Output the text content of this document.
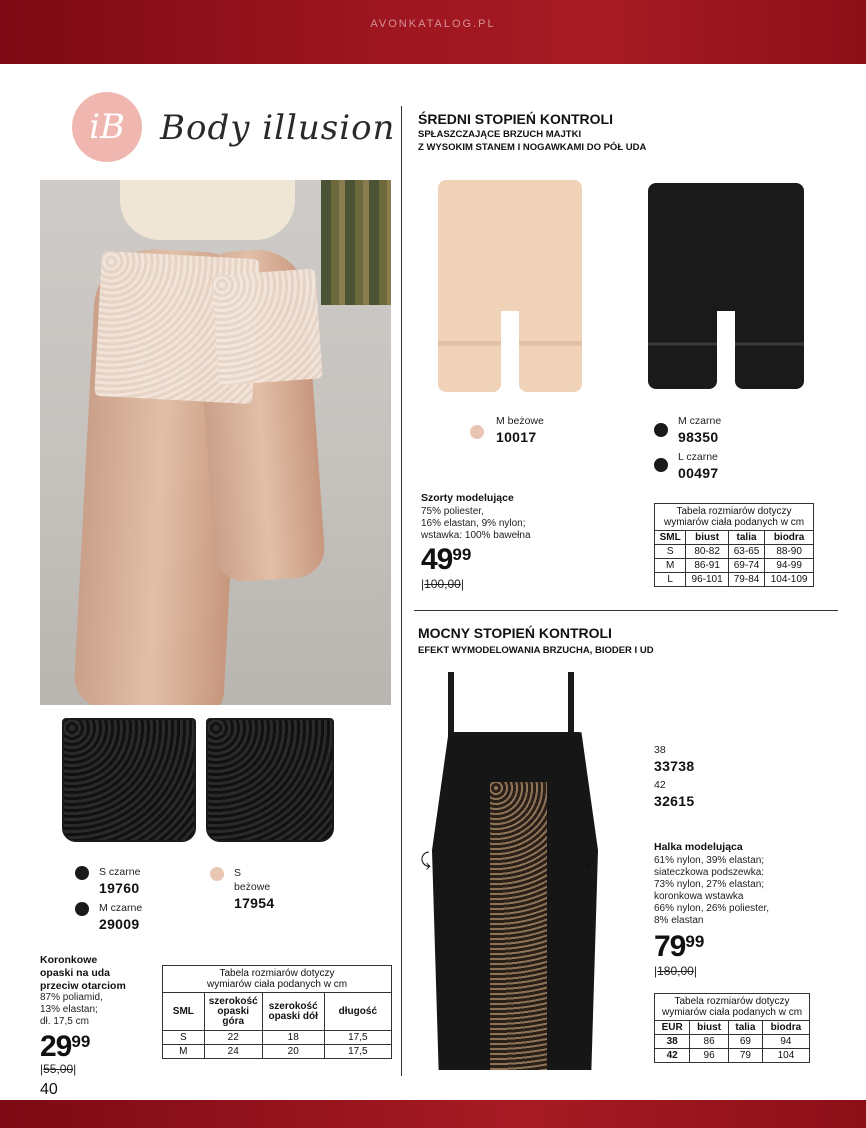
AVONKATALOG.PL
iB Body illusion
S czarne
19760
M czarne
29009
S
beżowe
17954
Koronkowe
opaski na uda
przeciw otarciom
87% poliamid,
13% elastan;
dł. 17,5 cm
2999
|55,00|
Tabela rozmiarów dotyczy
wymiarów ciała podanych w cm			

SML	szerokość opaski góra	szerokość opaski dół	długość
S	22	18	17,5
M	24	20	17,5
40
ŚREDNI STOPIEŃ KONTROLI
SPŁASZCZAJĄCE BRZUCH MAJTKI
Z WYSOKIM STANEM I NOGAWKAMI DO PÓŁ UDA
M beżowe
10017
M czarne
98350
L czarne
00497
Szorty modelujące
75% poliester,
16% elastan, 9% nylon;
wstawka: 100% bawełna
4999
|100,00|
Tabela rozmiarów dotyczy
wymiarów ciała podanych w cm			

SML	biust	talia	biodra
S	80-82	63-65	88-90
M	86-91	69-74	94-99
L	96-101	79-84	104-109
MOCNY STOPIEŃ KONTROLI
EFEKT WYMODELOWANIA BRZUCHA, BIODER I UD
⤹	⤸
38
33738
42
32615
Halka modelująca
61% nylon, 39% elastan;
siateczkowa podszewka:
73% nylon, 27% elastan;
koronkowa wstawka
66% nylon, 26% poliester,
8% elastan
7999
|180,00|
Tabela rozmiarów dotyczy
wymiarów ciała podanych w cm			

EUR	biust	talia	biodra
38	86	69	94
42	96	79	104
